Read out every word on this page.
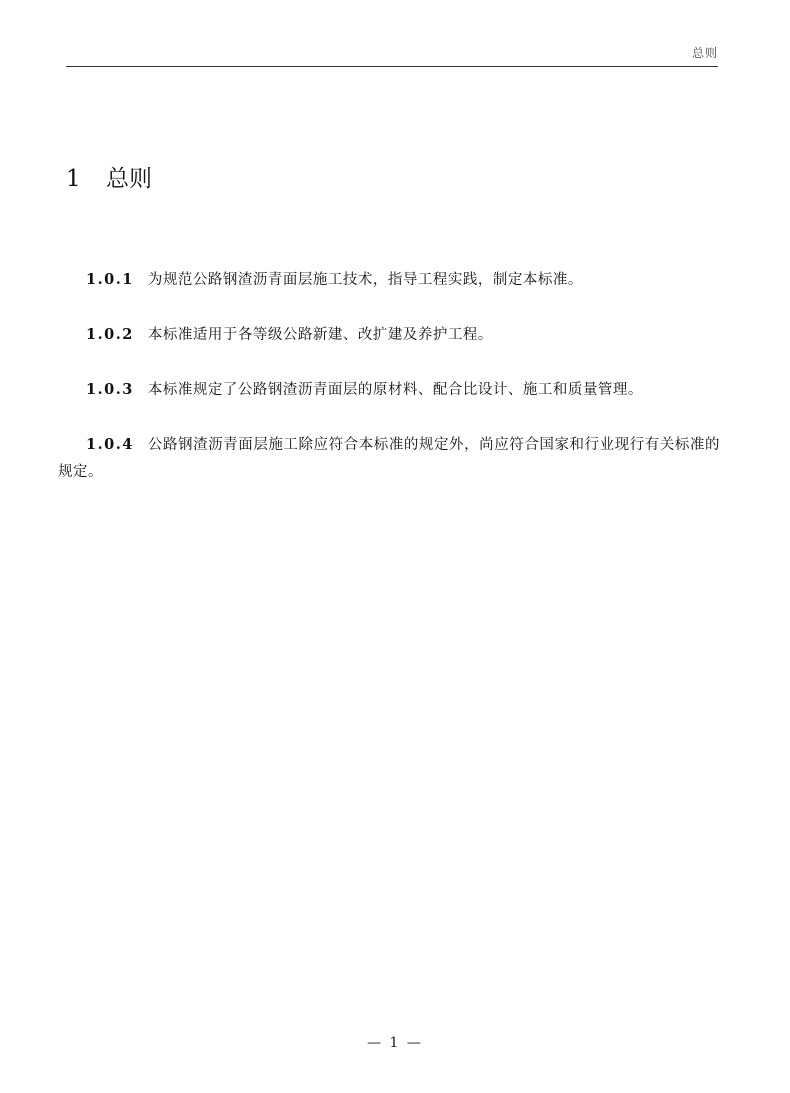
总则
1 总则

1.0.1 为规范公路钢渣沥青面层施工技术，指导工程实践，制定本标准。

1.0.2 本标准适用于各等级公路新建、改扩建及养护工程。

1.0.3 本标准规定了公路钢渣沥青面层的原材料、配合比设计、施工和质量管理。

1.0.4 公路钢渣沥青面层施工除应符合本标准的规定外，尚应符合国家和行业现行有关标准的规定。

— 1 —
